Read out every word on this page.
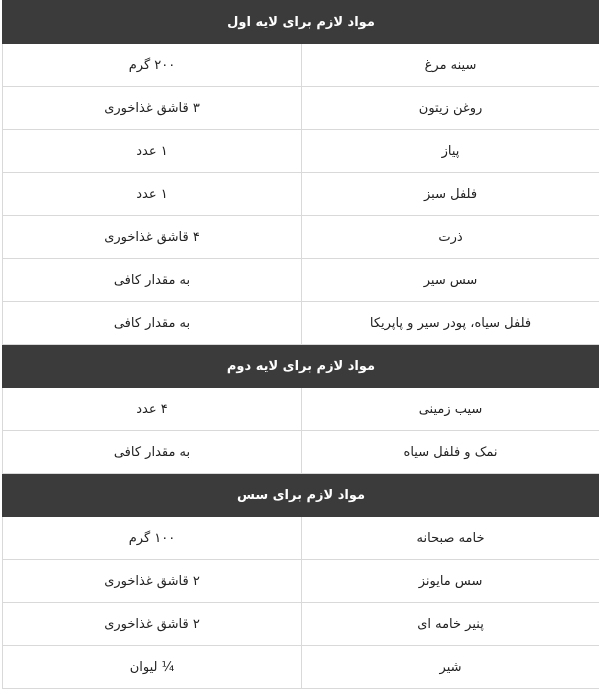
مواد لازم برای لایه اول	
سینه مرغ	۲۰۰ گرم
روغن زیتون	۳ قاشق غذاخوری
پیاز	۱ عدد
فلفل سبز	۱ عدد
ذرت	۴ قاشق غذاخوری
سس سیر	به مقدار کافی
فلفل سیاه، پودر سیر و پاپریکا	به مقدار کافی
مواد لازم برای لایه دوم	
سیب زمینی	۴ عدد
نمک و فلفل سیاه	به مقدار کافی
مواد لازم برای سس	
خامه صبحانه	۱۰۰ گرم
سس مایونز	۲ قاشق غذاخوری
پنیر خامه ای	۲ قاشق غذاخوری
شیر	¼ لیوان
